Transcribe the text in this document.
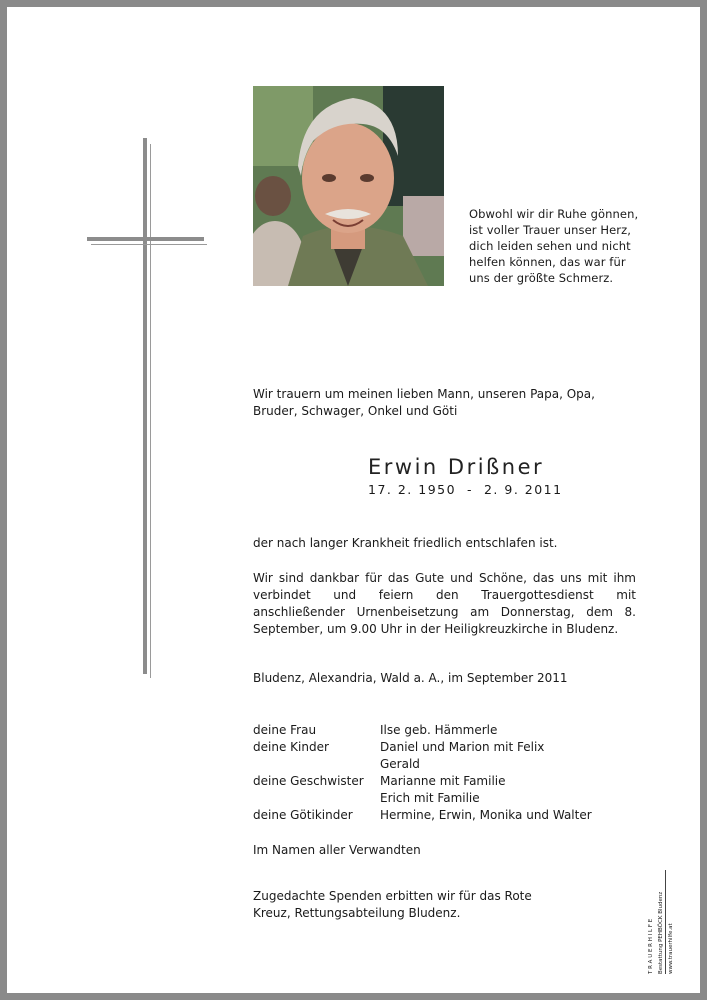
Obwohl wir dir Ruhe gönnen,
ist voller Trauer unser Herz,
dich leiden sehen und nicht
helfen können, das war für
uns der größte Schmerz.
Wir trauern um meinen lieben Mann, unseren Papa, Opa, Bruder, Schwager, Onkel und Göti
Erwin Drißner
17. 2. 1950  -  2. 9. 2011
der nach langer Krankheit friedlich entschlafen ist.
Wir sind dankbar für das Gute und Schöne, das uns mit ihm verbindet und feiern den Trauergottesdienst mit anschließender Urnenbeisetzung am Donnerstag, dem 8. September, um 9.00 Uhr in der Heiligkreuzkirche in Bludenz.
Bludenz, Alexandria, Wald a. A., im September 2011
deine Frau	Ilse geb. Hämmerle
deine Kinder	Daniel und Marion mit Felix
Gerald
deine Geschwister	Marianne mit Familie
Erich mit Familie
deine Götikinder	Hermine, Erwin, Monika und Walter
Im Namen aller Verwandten
Zugedachte Spenden erbitten wir für das Rote Kreuz, Rettungsabteilung Bludenz.
T R A U E R H I L F E Bestattung PEHBÖCK Bludenz www.trauerhilfe.at
